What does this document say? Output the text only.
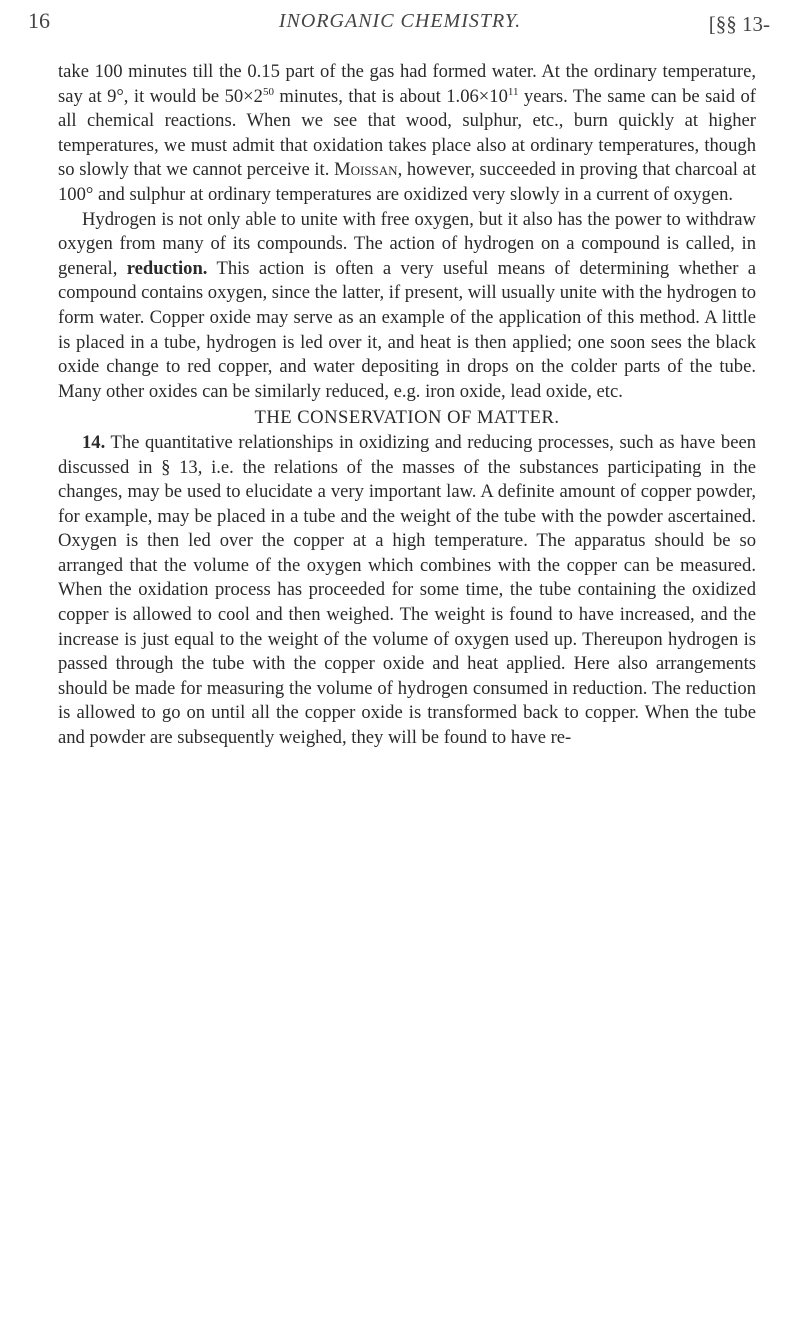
16	INORGANIC CHEMISTRY.	[§§ 13-

take 100 minutes till the 0.15 part of the gas had formed water. At the ordinary temperature, say at 9°, it would be $50\times 2^{50}$ minutes, that is about $1.06\times 10^{11}$ years. The same can be said of all chemical reactions. When we see that wood, sulphur, etc., burn quickly at higher temperatures, we must admit that oxidation takes place also at ordinary temperatures, though so slowly that we cannot perceive it. Moissan, however, succeeded in proving that charcoal at 100° and sulphur at ordinary temperatures are oxidized very slowly in a current of oxygen.

Hydrogen is not only able to unite with free oxygen, but it also has the power to withdraw oxygen from many of its compounds. The action of hydrogen on a compound is called, in general, reduction. This action is often a very useful means of determining whether a compound contains oxygen, since the latter, if present, will usually unite with the hydrogen to form water. Copper oxide may serve as an example of the application of this method. A little is placed in a tube, hydrogen is led over it, and heat is then applied; one soon sees the black oxide change to red copper, and water depositing in drops on the colder parts of the tube. Many other oxides can be similarly reduced, e.g. iron oxide, lead oxide, etc.

THE CONSERVATION OF MATTER.

14. The quantitative relationships in oxidizing and reducing processes, such as have been discussed in § 13, i.e. the relations of the masses of the substances participating in the changes, may be used to elucidate a very important law. A definite amount of copper powder, for example, may be placed in a tube and the weight of the tube with the powder ascertained. Oxygen is then led over the copper at a high temperature. The apparatus should be so arranged that the volume of the oxygen which combines with the copper can be measured. When the oxidation process has proceeded for some time, the tube containing the oxidized copper is allowed to cool and then weighed. The weight is found to have increased, and the increase is just equal to the weight of the volume of oxygen used up. Thereupon hydrogen is passed through the tube with the copper oxide and heat applied. Here also arrangements should be made for measuring the volume of hydrogen consumed in reduction. The reduction is allowed to go on until all the copper oxide is transformed back to copper. When the tube and powder are subsequently weighed, they will be found to have re-
